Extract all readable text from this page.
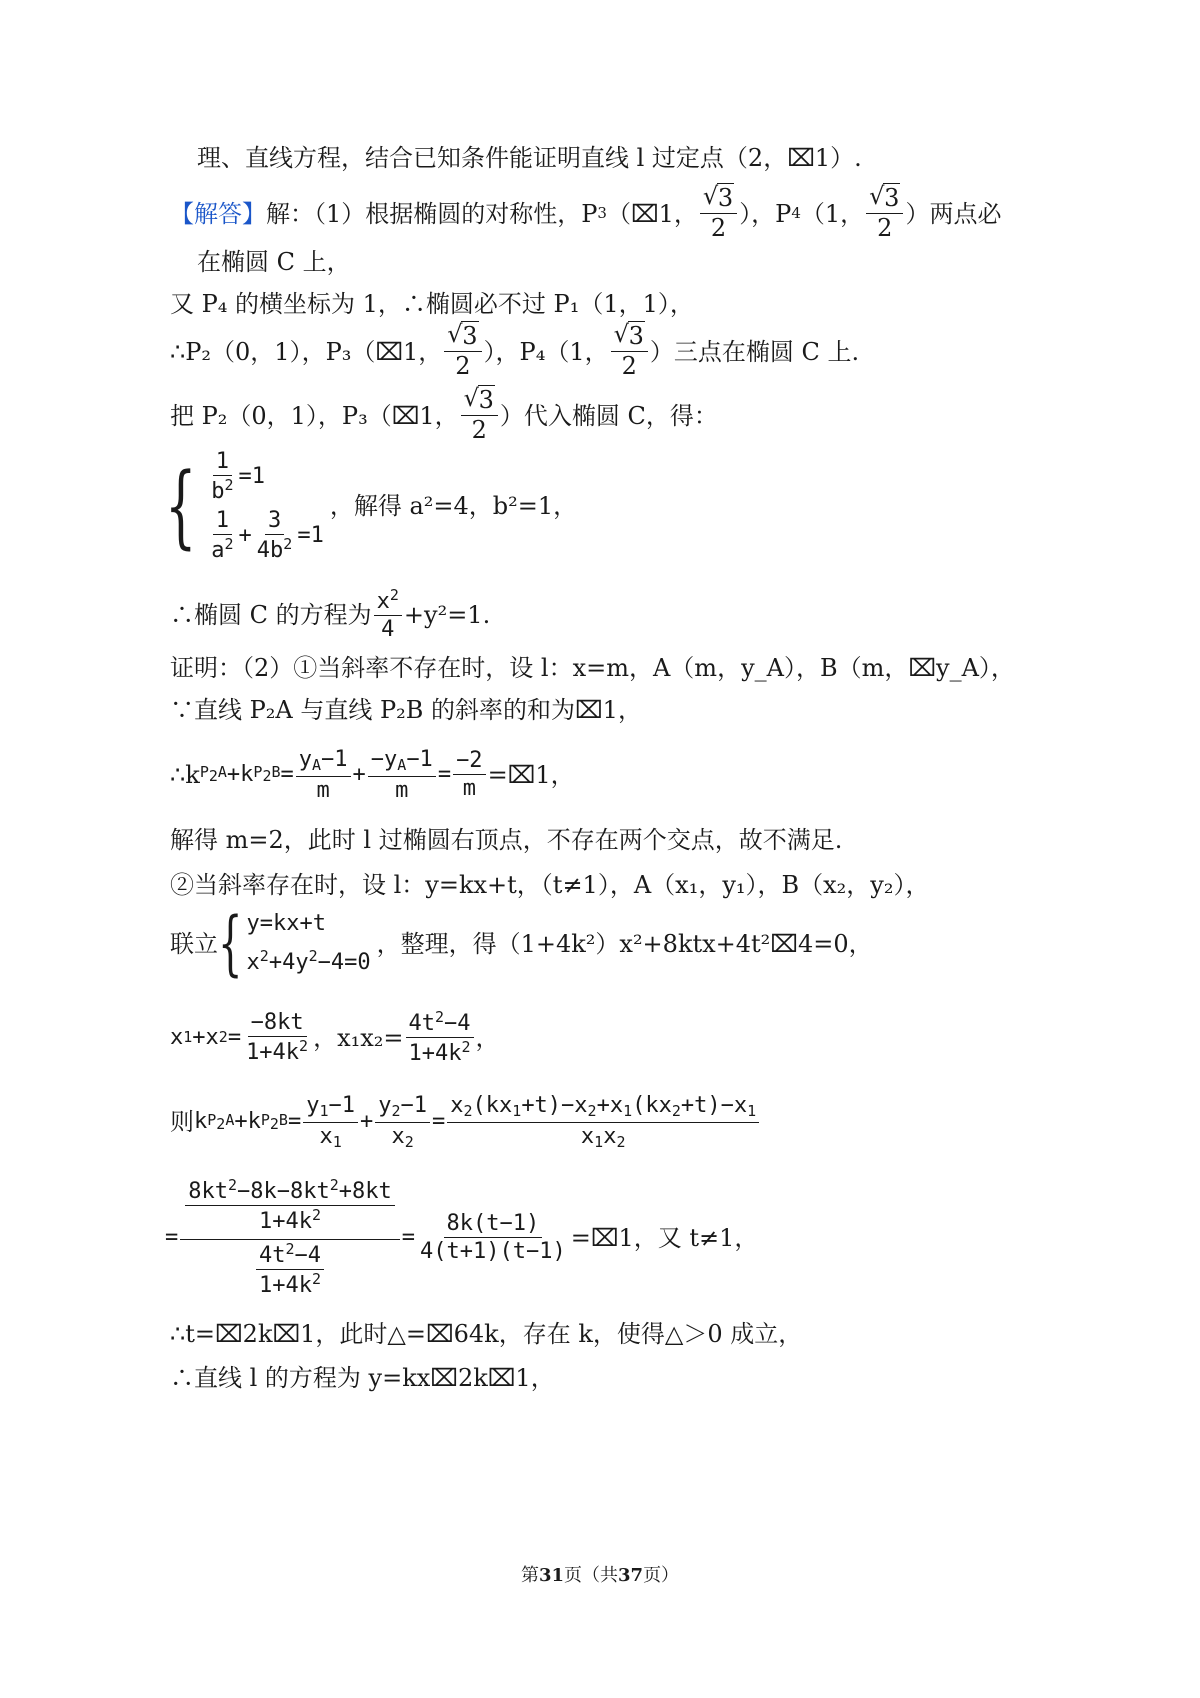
理、直线方程，结合已知条件能证明直线 l 过定点（2，⌧1）.
【解答】 解：（1）根据椭圆的对称性，P 3 （⌧1， √ $\frac{3}{2}$ ），P 4 （1， √ $\frac{3}{2}$ ）两点必
在椭圆 C 上，
又 P₄ 的横坐标为 1，∴椭圆必不过 P₁（1，1），
∴P₂（0，1），P₃（⌧1， √ $\frac{3}{2}$ ），P₄（1， √ $\frac{3}{2}$ ）三点在椭圆 C 上.
把 P₂（0，1），P₃（⌧1， √ $\frac{3}{2}$ ）代入椭圆 C，得：
{ $\frac{1}{b^2} =1$
$\frac{1}{a^2} + \frac{3}{4b^2} =1$
，解得 a²=4，b²=1，
∴椭圆 C 的方程为 $\frac{x^2}{4} +y^2=1$.
证明：（2）①当斜率不存在时，设 l：x=m，A（m，y_A），B（m，⌧y_A），
∵直线 P₂A 与直线 P₂B 的斜率的和为⌧1，
∴k $P_2A +k$ $P_2B = \frac{y_A-1}{m} + \frac{-y_A-1}{m} = \frac{-2}{m}$ =⌧1，
解得 m=2，此时 l 过椭圆右顶点，不存在两个交点，故不满足.
②当斜率存在时，设 l：y=kx+t，（t≠1），A（x₁，y₁），B（x₂，y₂），
联立 { y=kx+t
$x^2+4y^2-4=0$
，整理，得（1+4k²）x²+8ktx+4t²⌧4=0，
x 1 +x $2 = \frac{-8kt}{1+4k^2}$ ，$x_1x_2= \frac{4t^2-4}{1+4k^2}$ ，
则 k $P_2A +k$ $P_2B = \frac{y_1-1}{x_1} + \frac{y_2-1}{x_2} = \frac{x_2(kx_1+t)-x_2+x_1(kx_2+t)-x_1}{x_1x_2}$
= $\frac{\frac{8kt^2-8k-8kt^2+8kt}{1+4k^2}}{\frac{4t^2-4}{1+4k^2}} = \frac{8k(t-1)}{4(t+1)(t-1)}$ =⌧1，又 t≠1，
∴t=⌧2k⌧1，此时△=⌧64k，存在 k，使得△＞0 成立，
∴直线 l 的方程为 y=kx⌧2k⌧1，
第31页（共37页）
